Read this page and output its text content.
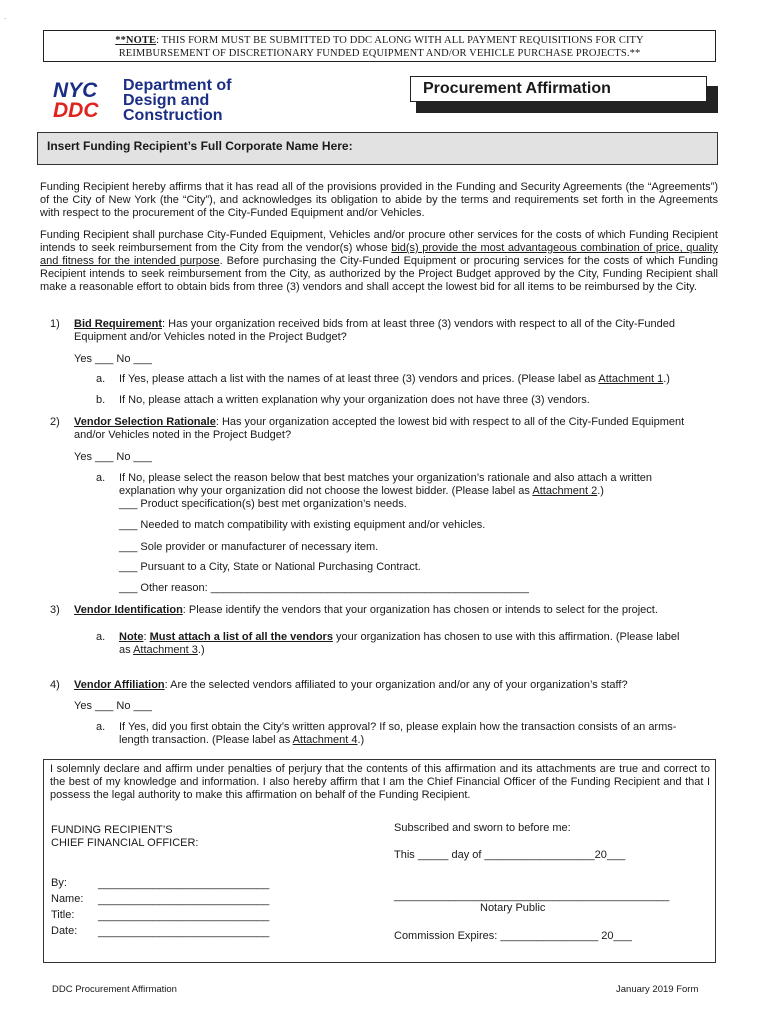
.
**NOTE: THIS FORM MUST BE SUBMITTED TO DDC ALONG WITH ALL PAYMENT REQUISITIONS FOR CITY
REIMBURSEMENT OF DISCRETIONARY FUNDED EQUIPMENT AND/OR VEHICLE PURCHASE PROJECTS.**
NYC
DDC
Department of
Design and
Construction
Procurement Affirmation
Insert Funding Recipient’s Full Corporate Name Here:
Funding Recipient hereby affirms that it has read all of the provisions provided in the Funding and Security Agreements (the “Agreements”) of the City of New York (the “City”), and acknowledges its obligation to abide by the terms and requirements set forth in the Agreements with respect to the procurement of the City-Funded Equipment and/or Vehicles.
Funding Recipient shall purchase City-Funded Equipment, Vehicles and/or procure other services for the costs of which Funding Recipient intends to seek reimbursement from the City from the vendor(s) whose bid(s) provide the most advantageous combination of price, quality and fitness for the intended purpose. Before purchasing the City-Funded Equipment or procuring services for the costs of which Funding Recipient intends to seek reimbursement from the City, as authorized by the Project Budget approved by the City, Funding Recipient shall make a reasonable effort to obtain bids from three (3) vendors and shall accept the lowest bid for all items to be reimbursed by the City.
1) Bid Requirement: Has your organization received bids from at least three (3) vendors with respect to all of the City-Funded
Equipment and/or Vehicles noted in the Project Budget?
Yes ___ No ___
a. If Yes, please attach a list with the names of at least three (3) vendors and prices. (Please label as Attachment 1.)
b. If No, please attach a written explanation why your organization does not have three (3) vendors.
2) Vendor Selection Rationale: Has your organization accepted the lowest bid with respect to all of the City-Funded Equipment
and/or Vehicles noted in the Project Budget?
Yes ___ No ___
a. If No, please select the reason below that best matches your organization’s rationale and also attach a written
explanation why your organization did not choose the lowest bidder. (Please label as Attachment 2.)
___ Product specification(s) best met organization’s needs.
___ Needed to match compatibility with existing equipment and/or vehicles.
___ Sole provider or manufacturer of necessary item.
___ Pursuant to a City, State or National Purchasing Contract.
___ Other reason: ____________________________________________________
3) Vendor Identification: Please identify the vendors that your organization has chosen or intends to select for the project.
a. Note: Must attach a list of all the vendors your organization has chosen to use with this affirmation. (Please label
as Attachment 3.)
4) Vendor Affiliation: Are the selected vendors affiliated to your organization and/or any of your organization’s staff?
Yes ___ No ___
a. If Yes, did you first obtain the City’s written approval? If so, please explain how the transaction consists of an arms-
length transaction. (Please label as Attachment 4.)
I solemnly declare and affirm under penalties of perjury that the contents of this affirmation and its attachments are true and correct to the best of my knowledge and information. I also hereby affirm that I am the Chief Financial Officer of the Funding Recipient and that I possess the legal authority to make this affirmation on behalf of the Funding Recipient.
FUNDING RECIPIENT’S
CHIEF FINANCIAL OFFICER:
By:
Name:
Title:
Date:
____________________________
____________________________
____________________________
____________________________
Subscribed and sworn to before me:
This _____ day of __________________20___
_____________________________________________
Notary Public
Commission Expires: ________________ 20___
DDC Procurement Affirmation	January 2019 Form
